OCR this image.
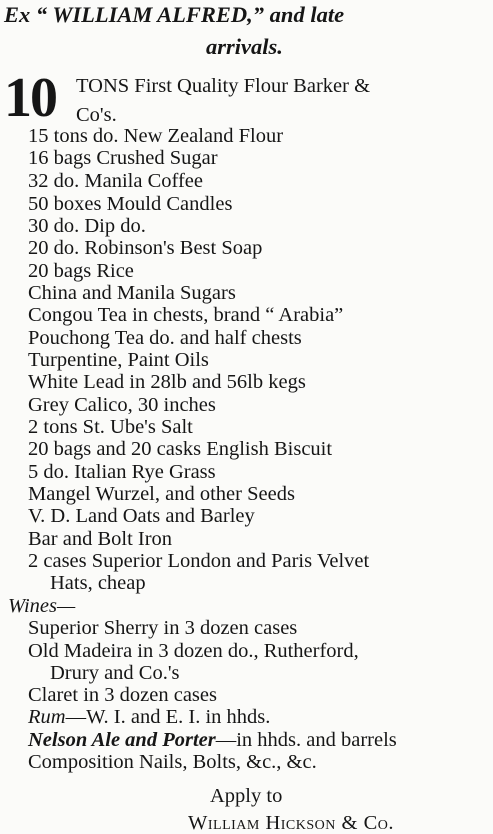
Ex “ WILLIAM ALFRED,” and late
arrivals.
10 TONS First Quality Flour Barker &
Co's.
15 tons do. New Zealand Flour
16 bags Crushed Sugar
32 do. Manila Coffee
50 boxes Mould Candles
30 do. Dip do.
20 do. Robinson's Best Soap
20 bags Rice
China and Manila Sugars
Congou Tea in chests, brand “ Arabia”
Pouchong Tea do. and half chests
Turpentine, Paint Oils
White Lead in 28lb and 56lb kegs
Grey Calico, 30 inches
2 tons St. Ube's Salt
20 bags and 20 casks English Biscuit
5 do. Italian Rye Grass
Mangel Wurzel, and other Seeds
V. D. Land Oats and Barley
Bar and Bolt Iron
2 cases Superior London and Paris Velvet
Hats, cheap
Wines—
Superior Sherry in 3 dozen cases
Old Madeira in 3 dozen do., Rutherford,
Drury and Co.'s
Claret in 3 dozen cases
Rum—W. I. and E. I. in hhds.
Nelson Ale and Porter—in hhds. and barrels
Composition Nails, Bolts, &c., &c.
Apply to
William Hickson & Co.
